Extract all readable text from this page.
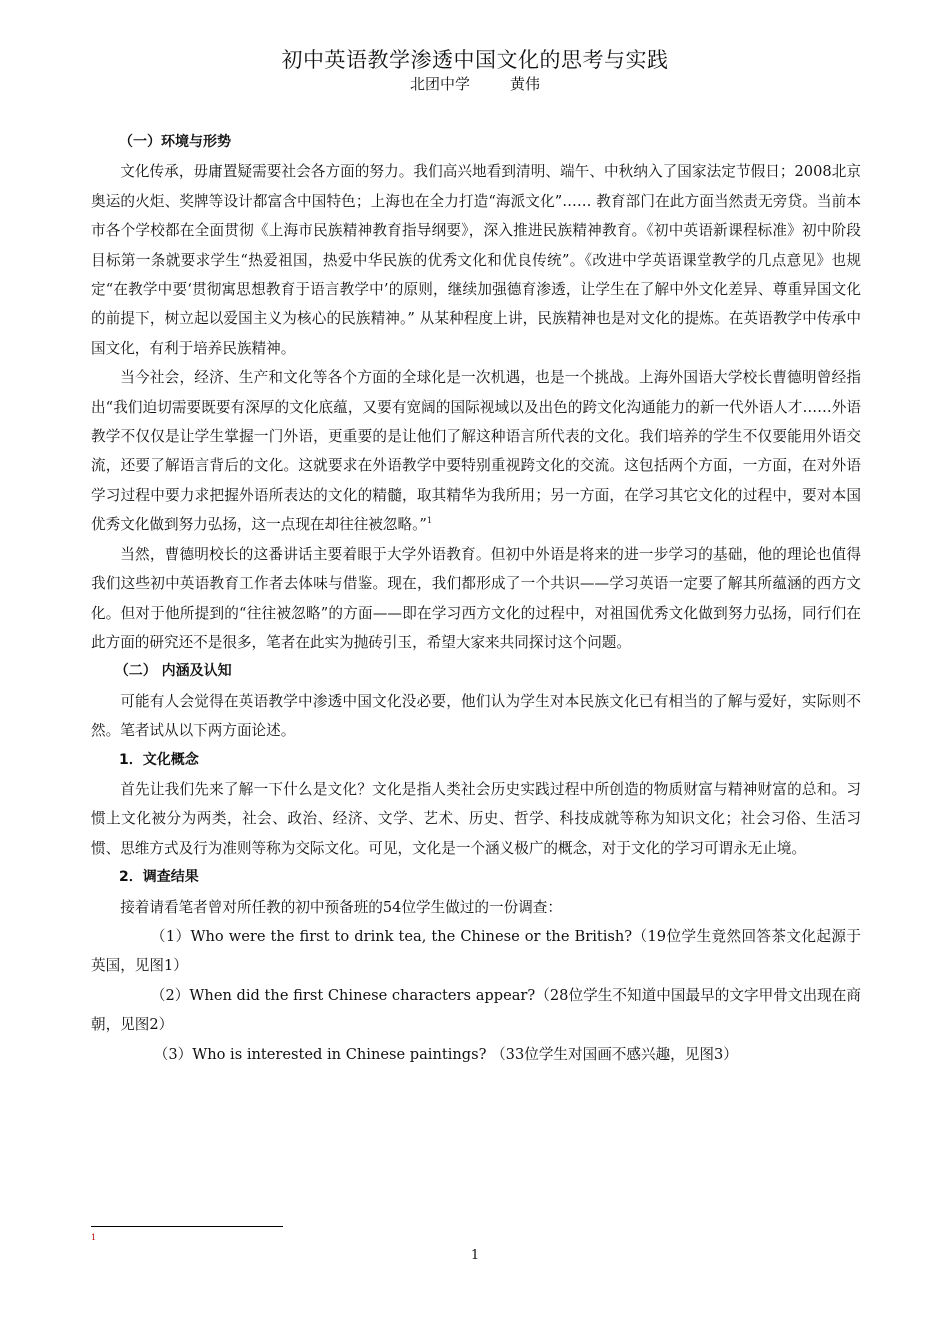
初中英语教学渗透中国文化的思考与实践
北团中学	黄伟

（一）环境与形势

文化传承，毋庸置疑需要社会各方面的努力。我们高兴地看到清明、端午、中秋纳入了国家法定节假日；2008北京奥运的火炬、奖牌等设计都富含中国特色；上海也在全力打造“海派文化”…… 教育部门在此方面当然责无旁贷。当前本市各个学校都在全面贯彻《上海市民族精神教育指导纲要》，深入推进民族精神教育。《初中英语新课程标准》初中阶段目标第一条就要求学生“热爱祖国，热爱中华民族的优秀文化和优良传统”。《改进中学英语课堂教学的几点意见》也规定“在教学中要‘贯彻寓思想教育于语言教学中’的原则，继续加强德育渗透，让学生在了解中外文化差异、尊重异国文化的前提下，树立起以爱国主义为核心的民族精神。” 从某种程度上讲，民族精神也是对文化的提炼。在英语教学中传承中国文化，有利于培养民族精神。

当今社会，经济、生产和文化等各个方面的全球化是一次机遇，也是一个挑战。上海外国语大学校长曹德明曾经指出“我们迫切需要既要有深厚的文化底蕴，又要有宽阔的国际视域以及出色的跨文化沟通能力的新一代外语人才……外语教学不仅仅是让学生掌握一门外语，更重要的是让他们了解这种语言所代表的文化。我们培养的学生不仅要能用外语交流，还要了解语言背后的文化。这就要求在外语教学中要特别重视跨文化的交流。这包括两个方面，一方面，在对外语学习过程中要力求把握外语所表达的文化的精髓，取其精华为我所用；另一方面，在学习其它文化的过程中，要对本国优秀文化做到努力弘扬，这一点现在却往往被忽略。”$^1$

当然，曹德明校长的这番讲话主要着眼于大学外语教育。但初中外语是将来的进一步学习的基础，他的理论也值得我们这些初中英语教育工作者去体味与借鉴。现在，我们都形成了一个共识——学习英语一定要了解其所蕴涵的西方文化。但对于他所提到的“往往被忽略”的方面——即在学习西方文化的过程中，对祖国优秀文化做到努力弘扬，同行们在此方面的研究还不是很多，笔者在此实为抛砖引玉，希望大家来共同探讨这个问题。

（二） 内涵及认知

可能有人会觉得在英语教学中渗透中国文化没必要，他们认为学生对本民族文化已有相当的了解与爱好，实际则不然。笔者试从以下两方面论述。

1．文化概念

首先让我们先来了解一下什么是文化？文化是指人类社会历史实践过程中所创造的物质财富与精神财富的总和。习惯上文化被分为两类，社会、政治、经济、文学、艺术、历史、哲学、科技成就等称为知识文化；社会习俗、生活习惯、思维方式及行为准则等称为交际文化。可见，文化是一个涵义极广的概念，对于文化的学习可谓永无止境。

2．调查结果

接着请看笔者曾对所任教的初中预备班的54位学生做过的一份调查：

（1）Who were the first to drink tea, the Chinese or the British?（19位学生竟然回答茶文化起源于英国，见图1）

（2）When did the first Chinese characters appear?（28位学生不知道中国最早的文字甲骨文出现在商朝，见图2）

（3）Who is interested in Chinese paintings? （33位学生对国画不感兴趣，见图3）

1
1
